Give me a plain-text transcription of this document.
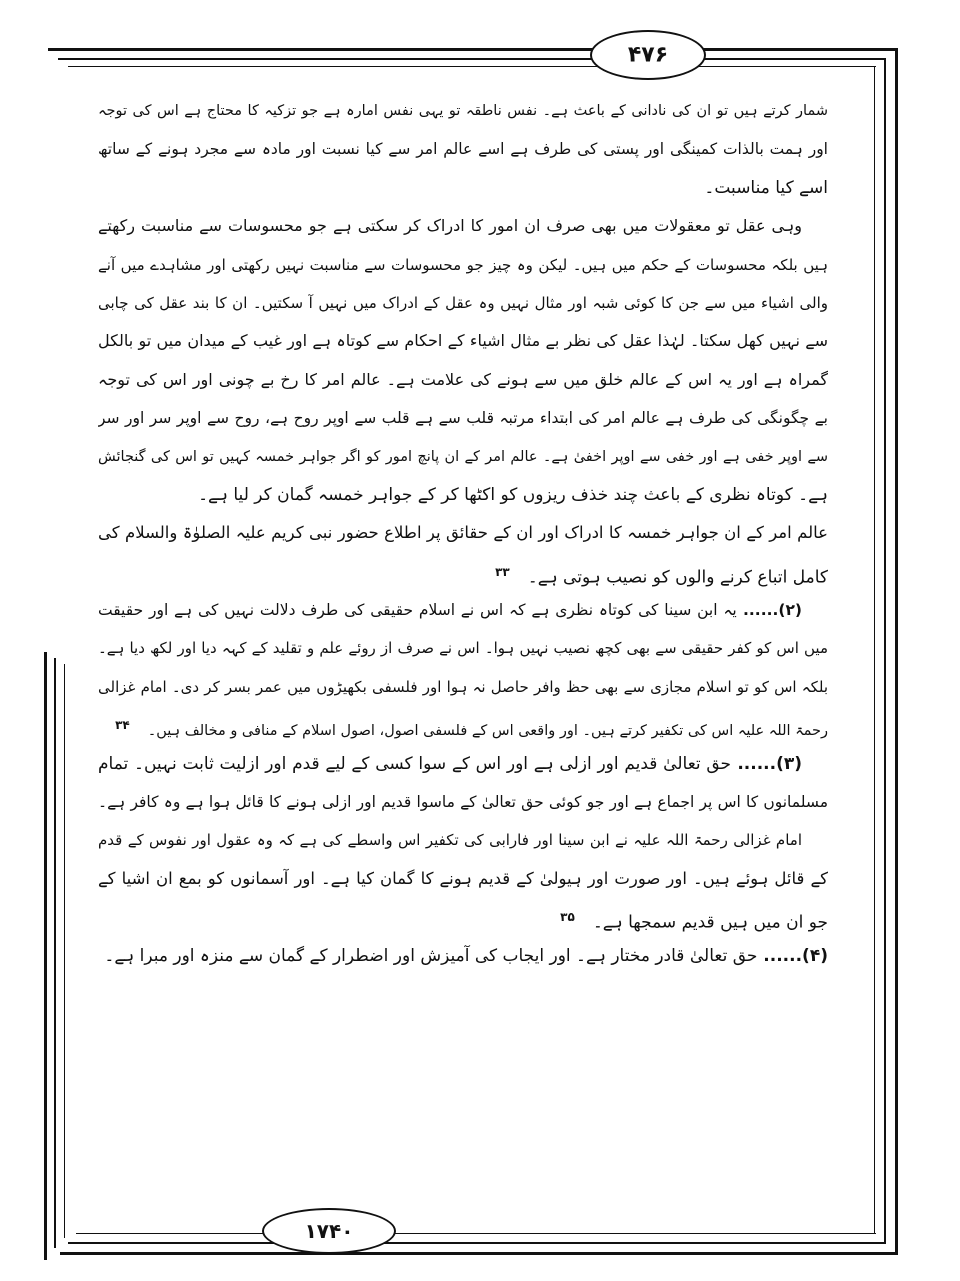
۴۷۶
۱۷۴۰
شمار کرتے ہیں تو ان کی نادانی کے باعث ہے۔ نفس ناطقہ تو یہی نفس امارہ ہے جو تزکیہ کا محتاج ہے اس کی توجہ
اور ہمت بالذات کمینگی اور پستی کی طرف ہے اسے عالم امر سے کیا نسبت اور مادہ سے مجرد ہونے کے ساتھ
اسے کیا مناسبت۔
وہی عقل تو معقولات میں بھی صرف ان امور کا ادراک کر سکتی ہے جو محسوسات سے مناسبت رکھتے
ہیں بلکہ محسوسات کے حکم میں ہیں۔ لیکن وہ چیز جو محسوسات سے مناسبت نہیں رکھتی اور مشاہدے میں آنے
والی اشیاء میں سے جن کا کوئی شبہ اور مثال نہیں وہ عقل کے ادراک میں نہیں آ سکتیں۔ ان کا بند عقل کی چابی
سے نہیں کھل سکتا۔ لہٰذا عقل کی نظر بے مثال اشیاء کے احکام سے کوتاہ ہے اور غیب کے میدان میں تو بالکل
گمراہ ہے اور یہ اس کے عالم خلق میں سے ہونے کی علامت ہے۔ عالم امر کا رخ بے چونی اور اس کی توجہ
بے چگونگی کی طرف ہے عالم امر کی ابتداء مرتبہ قلب سے ہے قلب سے اوپر روح ہے، روح سے اوپر سر اور سر
سے اوپر خفی ہے اور خفی سے اوپر اخفیٰ ہے۔ عالم امر کے ان پانچ امور کو اگر جواہر خمسہ کہیں تو اس کی گنجائش
ہے۔ کوتاہ نظری کے باعث چند خذف ریزوں کو اکٹھا کر کے جواہر خمسہ گمان کر لیا ہے۔
عالم امر کے ان جواہر خمسہ کا ادراک اور ان کے حقائق پر اطلاع حضور نبی کریم علیہ الصلوٰۃ والسلام کی
کامل اتباع کرنے والوں کو نصیب ہوتی ہے۔$^{۳۳}$
(۲)...... یہ ابن سینا کی کوتاہ نظری ہے کہ اس نے اسلام حقیقی کی طرف دلالت نہیں کی ہے اور حقیقت
میں اس کو کفر حقیقی سے بھی کچھ نصیب نہیں ہوا۔ اس نے صرف از روئے علم و تقلید کے کہہ دیا اور لکھ دیا ہے۔
بلکہ اس کو تو اسلام مجازی سے بھی حظ وافر حاصل نہ ہوا اور فلسفی بکھیڑوں میں عمر بسر کر دی۔ امام غزالی
رحمۃ اللہ علیہ اس کی تکفیر کرتے ہیں۔ اور واقعی اس کے فلسفی اصول، اصول اسلام کے منافی و مخالف ہیں۔$^{۳۴}$
(۳)...... حق تعالیٰ قدیم اور ازلی ہے اور اس کے سوا کسی کے لیے قدم اور ازلیت ثابت نہیں۔ تمام
مسلمانوں کا اس پر اجماع ہے اور جو کوئی حق تعالیٰ کے ماسوا قدیم اور ازلی ہونے کا قائل ہوا ہے وہ کافر ہے۔
امام غزالی رحمۃ اللہ علیہ نے ابن سینا اور فارابی کی تکفیر اس واسطے کی ہے کہ وہ عقول اور نفوس کے قدم
کے قائل ہوئے ہیں۔ اور صورت اور ہیولیٰ کے قدیم ہونے کا گمان کیا ہے۔ اور آسمانوں کو بمع ان اشیا کے
جو ان میں ہیں قدیم سمجھا ہے۔$^{۳۵}$
(۴)...... حق تعالیٰ قادر مختار ہے۔ اور ایجاب کی آمیزش اور اضطرار کے گمان سے منزہ اور مبرا ہے۔
